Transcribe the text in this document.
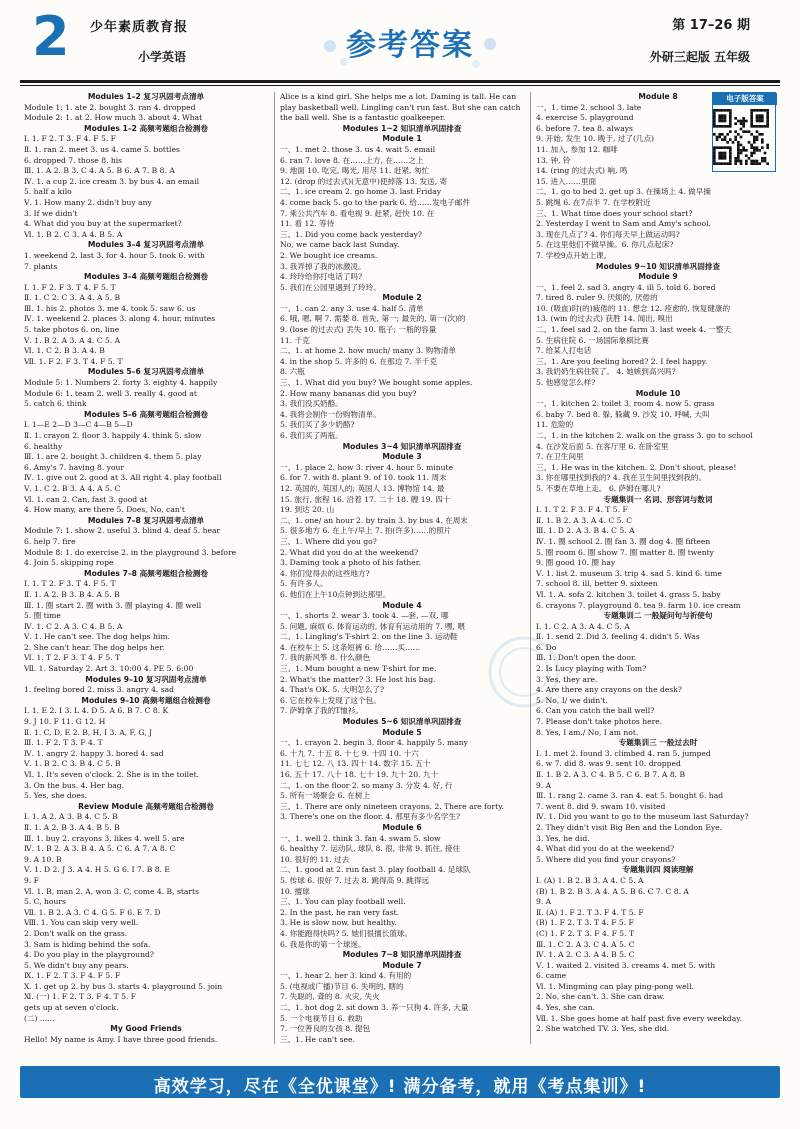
2 少年素质教育报
小学英语	参考答案
第 17–26 期
外研三起版 五年级
Modules 1–2 复习巩固考点清单
Module 1: 1. ate 2. bought 3. ran 4. dropped
Module 2: 1. at 2. How much 3. about 4. What
Modules 1–2 高频考题组合检测卷
Ⅰ. 1. F 2. T 3. F 4. F 5. F
Ⅱ. 1. ran 2. meet 3. us 4. came 5. bottles
6. dropped 7. those 8. his
Ⅲ. 1. A 2. B 3. C 4. A 5. B 6. A 7. B 8. A
Ⅳ. 1. a cup 2. ice cream 3. by bus 4. an email
5. half a kilo
Ⅴ. 1. How many 2. didn't buy any
3. If we didn't
4. What did you buy at the supermarket?
Ⅵ. 1. B 2. C 3. A 4. B 5. A
Modules 3–4 复习巩固考点清单
1. weekend 2. last 3. for 4. hour 5. took 6. with
7. plants
Modules 3–4 高频考题组合检测卷
Ⅰ. 1. F 2. F 3. T 4. F 5. T
Ⅱ. 1. C 2. C 3. A 4. A 5. B
Ⅲ. 1. his 2. photos 3. me 4. took 5. saw 6. us
Ⅳ. 1. weekend 2. places 3. along 4. hour, minutes
5. take photos 6. on, line
Ⅴ. 1. B 2. A 3. A 4. C 5. A
Ⅵ. 1. C 2. B 3. A 4. B
Ⅶ. 1. F 2. F 3. T 4. F 5. T
Modules 5–6 复习巩固考点清单
Module 5: 1. Numbers 2. forty 3. eighty 4. happily
Module 6: 1. team 2. well 3. really 4. good at
5. catch 6. think
Modules 5–6 高频考题组合检测卷
Ⅰ. 1—E 2—D 3—C 4—B 5—D
Ⅱ. 1. crayon 2. floor 3. happily 4. think 5. slow
6. healthy
Ⅲ. 1. are 2. bought 3. children 4. them 5. play
6. Amy's 7. having 8. your
Ⅳ. 1. give out 2. good at 3. All right 4. play football
Ⅴ. 1. C 2. B 3. A 4. A 5. C
Ⅵ. 1. can 2. Can, fast 3. good at
4. How many, are there 5. Does, No, can't
Modules 7–8 复习巩固考点清单
Module 7: 1. show 2. useful 3. blind 4. deaf 5. hear
6. help 7. fire
Module 8: 1. do exercise 2. in the playground 3. before
4. Join 5. skipping rope
Modules 7–8 高频考题组合检测卷
Ⅰ. 1. T 2. F 3. T 4. F 5. T
Ⅱ. 1. A 2. B 3. B 4. A 5. B
Ⅲ. 1. 圈 start 2. 圈 with 3. 圈 playing 4. 圈 well
5. 圈 time
Ⅳ. 1. C 2. A 3. C 4. B 5. A
Ⅴ. 1. He can't see. The dog helps him.
2. She can't hear. The dog helps her.
Ⅵ. 1. T 2. F 3. T 4. F 5. T
Ⅶ. 1. Saturday 2. Art 3. 10:00 4. PE 5. 6:00
Modules 9–10 复习巩固考点清单
1. feeling bored 2. miss 3. angry 4. sad
Modules 9–10 高频考题组合检测卷
Ⅰ. 1. E 2. I 3. L 4. D 5. A 6. B 7. C 8. K
9. J 10. F 11. G 12. H
Ⅱ. 1. C, D, E 2. B, H, I 3. A, F, G, J
Ⅲ. 1. F 2. T 3. F 4. T
Ⅳ. 1. angry 2. happy 3. bored 4. sad
Ⅴ. 1. B 2. C 3. B 4. C 5. B
Ⅵ. 1. It's seven o'clock. 2. She is in the toilet.
3. On the bus. 4. Her bag.
5. Yes, she does.
Review Module 高频考题组合检测卷
Ⅰ. 1. A 2. A 3. B 4. C 5. B
Ⅱ. 1. A 2. B 3. A 4. B 5. B
Ⅲ. 1. buy 2. crayons 3. likes 4. well 5. are
Ⅳ. 1. B 2. A 3. B 4. A 5. C 6. A 7. A 8. C
9. A 10. B
Ⅴ. 1. D 2. J 3. A 4. H 5. G 6. I 7. B 8. E
9. F
Ⅵ. 1. B, man 2. A, won 3. C, come 4. B, starts
5. C, hours
Ⅶ. 1. B 2. A 3. C 4. G 5. F 6. E 7. D
Ⅷ. 1. You can skip very well.
2. Don't walk on the grass.
3. Sam is hiding behind the sofa.
4. Do you play in the playground?
5. We didn't buy any pears.
Ⅸ. 1. F 2. T 3. F 4. F 5. F
Ⅹ. 1. get up 2. by bus 3. starts 4. playground 5. join
Ⅺ. (一) 1. F 2. T 3. F 4. T 5. F
gets up at seven o'clock.
(二) ......
My Good Friends
Hello! My name is Amy. I have three good friends.
Alice is a kind girl. She helps me a lot. Daming is tall. He can play basketball well. Lingling can't run fast. But she can catch the ball well. She is a fantastic goalkeeper.
Modules 1~2 知识清单巩固排查
Module 1
一、1. met 2. those 3. us 4. wait 5. email
6. ran 7. love 8. 在……上方, 在……之上
9. 地面 10. 吃完, 喝光, 用尽 11. 赶紧, 匆忙
12. (drop 的过去式)(无意中)使掉落 13. 发送, 寄
二、1. ice cream 2. go home 3. last Friday
4. come back 5. go to the park 6. 给……发电子邮件
7. 乘公共汽车 8. 看电视 9. 赶紧, 赶快 10. 在
11. 看 12. 等待
三、1. Did you come back yesterday?
No, we came back last Sunday.
2. We bought ice creams.
3. 我弄掉了我的冰激凌。
4. 玲玲给你打电话了吗?
5. 我们在公园里遇到了玲玲。
Module 2
一、1. can 2. any 3. use 4. half 5. 清单
6. 哦, 嗯, 啊 7. 需要 8. 首先, 第一; 最先的, 第一(次)的
9. (lose 的过去式) 丢失 10. 瓶子; 一瓶的容量
11. 千克
二、1. at home 2. how much/ many 3. 购物清单
4. in the shop 5. 许多的 6. 在那边 7. 半千克
8. 六瓶
三、1. What did you buy? We bought some apples.
2. How many bananas did you buy?
3. 我们没买奶酪。
4. 我将会制作一份购物清单。
5. 我们买了多少奶酪?
6. 我们买了两瓶。
Modules 3~4 知识清单巩固排查
Module 3
一、1. place 2. how 3. river 4. hour 5. minute
6. for 7. with 8. plant 9. of 10. took 11. 周末
12. 英国的, 英国人的; 英国人 13. 博物馆 14. 最
15. 旅行, 旅程 16. 沿着 17. 二十 18. 艘 19. 四十
19. 到达 20. 山
二、1. one/ an hour 2. by train 3. by bus 4. 在周末
5. 很多地方 6. 在上午/早上 7. 拍(许多)……的照片
三、1. Where did you go?
2. What did you do at the weekend?
3. Daming took a photo of his father.
4. 你们觉得去的这些地方?
5. 有许多人。
6. 他们在上午10点钟到达那里。
Module 4
一、1. shorts 2. wear 3. took 4. —套, —双, 哪
5. 问题, 麻烦 6. 体育运动的, 体育有运动用的 7. 嘿, 喂
二、1. Lingling's T-shirt 2. on the line 3. 运动鞋
4. 在校车上 5. 这条短裤 6. 给……买……
7. 我的新风筝 8. 什么颜色
三、1. Mum bought a new T-shirt for me.
2. What's the matter? 3. He lost his bag.
4. That's OK. 5. 大明怎么了?
6. 它在校车上发现了这个包。
7. 萨姆拿了我的T恤衫。
Modules 5~6 知识清单巩固排查
Module 5
一、1. crayon 2. begin 3. floor 4. happily 5. many
6. 十九 7. 十五 8. 十七 9. 十四 10. 十六
11. 七七 12. 八 13. 四十 14. 数字 15. 五十
16. 五十 17. 八十 18. 七十 19. 九十 20. 九十
二、1. on the floor 2. so many 3. 分发 4. 好, 行
5. 所有一场聚会 6. 在树上
三、1. There are only nineteen crayons. 2. There are forty.
3. There's one on the floor. 4. 那里有多少名学生?
Module 6
一、1. well 2. think 3. fan 4. swam 5. slow
6. healthy 7. 运动队, 球队 8. 很, 非常 9. 抓住, 接住
10. 很好的 11. 过去
二、1. good at 2. run fast 3. play football 4. 足球队
5. 传球 6. 很好 7. 过去 8. 跳得高 9. 跳得远
10. 擅球
三、1. You can play football well.
2. In the past, he ran very fast.
3. He is slow now, but healthy.
4. 你能跑得快吗? 5. 她们很擅长篮球。
6. 我是你的第一个球迷。
Modules 7~8 知识清单巩固排查
Module 7
一、1. hear 2. her 3. kind 4. 有用的
5. (电视或广播)节目 6. 失明的, 瞎的
7. 失聪的, 聋的 8. 火灾, 失火
二、1. hot dog 2. sit down 3. 养一只狗 4. 许多, 大量
5. 一个电视节目 6. 救助
7. 一位善良的女孩 8. 提包
三、1. He can't see.
Module 8
一、1. time 2. school 3. late
4. exercise 5. playground
6. before 7. tea 8. always
9. 开始, 发生 10. 晚于, 过了(几点)
11. 加入, 参加 12. 咖啡
13. 钟, 铃
14. (ring 的过去式) 响, 鸣
15. 进入……里面
二、1. go to bed 2. get up 3. 在操场上 4. 做早操
5. 跳绳 6. 在7点半 7. 在学校附近
三、1. What time does your school start?
2. Yesterday I went to Sam and Amy's school.
3. 现在几点了? 4. 你们每天早上做运动吗?
5. 在这里他们不做早操。6. 你几点起床?
7. 学校9点开始上课。
Modules 9~10 知识清单巩固排查
Module 9
一、1. feel 2. sad 3. angry 4. ill 5. told 6. bored
7. tired 8. ruler 9. 厌烦的, 厌倦的
10. (吸血)时(的)疲倦的 11. 想念 12. 痊愈的, 恢复健康的
13. (win 的过去式) 获胜 14. 闻出, 嗅出
二、1. feel sad 2. on the farm 3. last week 4. 一整天
5. 生病住院 6. 一场国际象棋比赛
7. 给某人打电话
三、1. Are you feeling bored? 2. I feel happy.
3. 我奶奶生病住院了。 4. 她嫉到高兴吗?
5. 他感觉怎么样?
Module 10
一、1. kitchen 2. toilet 3. room 4. now 5. grass
6. baby 7. bed 8. 躲, 躲藏 9. 沙发 10. 呼喊, 大叫
11. 危险的
二、1. in the kitchen 2. walk on the grass 3. go to school
4. 在沙发后面 5. 在客厅里 6. 在卧室里
7. 在卫生间里
三、1. He was in the kitchen. 2. Don't shout, please!
3. 你在哪里找到我的? 4. 我在卫生间里找到我的。
5. 不要在草地上走。 6. 萨姆在哪儿?
专题集训一 名词、形容词与数词
Ⅰ. 1. T 2. F 3. F 4. T 5. F
Ⅱ. 1. B 2. A 3. A 4. C 5. C
Ⅲ. 1. D 2. A 3. B 4. C 5. A
Ⅳ. 1. 圈 school 2. 圈 fan 3. 圈 dog 4. 圈 fifteen
5. 圈 room 6. 圈 show 7. 圈 matter 8. 圈 twenty
9. 圈 good 10. 圈 hay
Ⅴ. 1. list 2. museum 3. trip 4. sad 5. kind 6. time
7. school 8. ill, better 9. sixteen
Ⅵ. 1. A. sofa 2. kitchen 3. toilet 4. grass 5. baby
6. crayons 7. playground 8. tea 9. farm 10. ice cream
专题集训二 一般疑问句与祈使句
Ⅰ. 1. C 2. A 3. A 4. C 5. A
Ⅱ. 1. send 2. Did 3. feeling 4. didn't 5. Was
6. Do
Ⅲ. 1. Don't open the door.
2. Is Lucy playing with Tom?
3. Yes, they are.
4. Are there any crayons on the desk?
5. No, I/ we didn't.
6. Can you catch the ball well?
7. Please don't take photos here.
8. Yes, I am./ No, I am not.
专题集训三 一般过去时
Ⅰ. 1. met 2. found 3. climbed 4. ran 5. jumped
6. w 7. did 8. was 9. sent 10. dropped
Ⅱ. 1. B 2. A 3. C 4. B 5. C 6. B 7. A 8. B
9. A
Ⅲ. 1. rang 2. came 3. ran 4. eat 5. bought 6. had
7. went 8. did 9. swam 10. visited
Ⅳ. 1. Did you want to go to the museum last Saturday?
2. They didn't visit Big Ben and the London Eye.
3. Yes, he did.
4. What did you do at the weekend?
5. Where did you find your crayons?
专题集训四 阅读理解
Ⅰ. (A) 1. B 2. B 3. A 4. C 5. A
(B) 1. B 2. B 3. A 4. A 5. B 6. C 7. C 8. A
9. A
Ⅱ. (A) 1. F 2. T 3. F 4. T 5. F
(B) 1. F 2. T 3. T 4. F 5. F
(C) 1. F 2. T 3. F 4. F 5. T
Ⅲ. 1. C 2. A 3. C 4. A 5. C
Ⅳ. 1. A 2. C 3. A 4. B 5. C
Ⅴ. 1. waited 2. visited 3. creams 4. met 5. with
6. came
Ⅵ. 1. Mingming can play ping-pong well.
2. No, she can't. 3. She can draw.
4. Yes, she can.
Ⅶ. 1. She goes home at half past five every weekday.
2. She watched TV. 3. Yes, she did.
电子版答案
高效学习，尽在《全优课堂》! 满分备考，就用《考点集训》!
